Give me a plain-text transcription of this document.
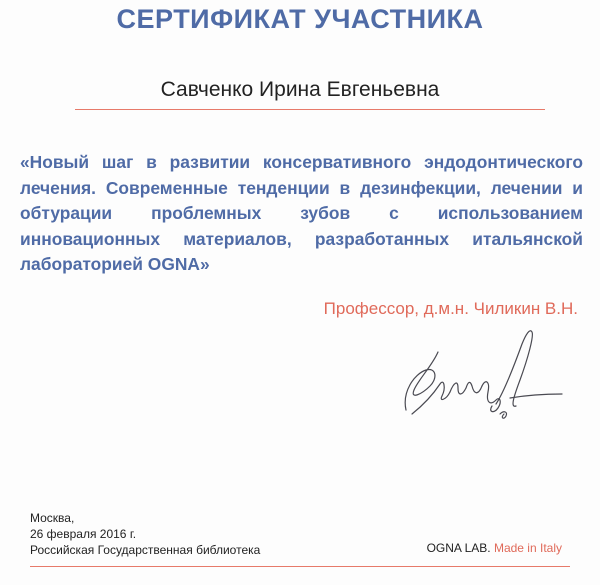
СЕРТИФИКАТ УЧАСТНИКА
Савченко Ирина Евгеньевна
«Новый шаг в развитии консервативного эндодонтического лечения. Современные тенденции в дезинфекции, лечении и обтурации проблемных зубов с использованием инновационных материалов, разработанных итальянской лабораторией OGNA»
Профессор, д.м.н. Чиликин В.Н.
Москва,
26 февраля 2016 г.
Российская Государственная библиотека	OGNA LAB. Made in Italy
